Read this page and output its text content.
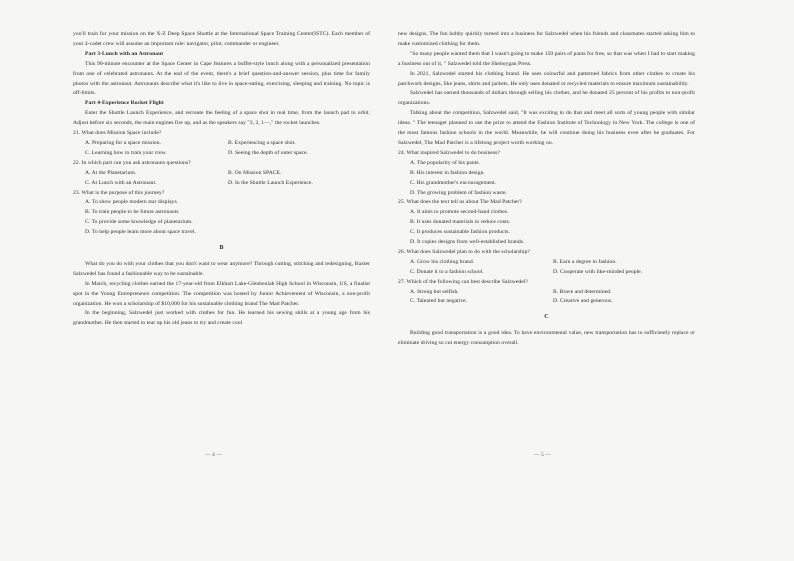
you'll train for your mission on the X-Z Deep Space Shuttle at the International Space Training Center(ISTC). Each member of your 4-cadet crew will assume an important role: navigator, pilot, commander or engineer.

Part 3-Lunch with an Astronaut

This 90-minute encounter at the Space Center in Cape features a buffet-style lunch along with a personalized presentation from one of celebrated astronauts. At the end of the event, there's a brief question-and-answer session, plus time for family photos with the astronaut. Astronauts describe what it's like to live in space-eating, exercising, sleeping and training. No topic is off-limits.

Part 4-Experience Rocket Flight

Enter the Shuttle Launch Experience, and recreate the feeling of a space shot in real time, from the launch pad to orbit. Adjust before six seconds, the main engines fire up, and as the speakers say "3, 2, 1—," the rocket launches.

21. What does Mission Space include?

A. Preparing for a space mission.	B. Experiencing a space shot.
C. Learning how to train your crew.	D. Seeing the depth of outer space.

22. In which part can you ask astronauts questions?

A. At the Planetarium.	B. On Mission SPACE.
C. At Lunch with an Astronaut.	D. In the Shuttle Launch Experience.

23. What is the purpose of this journey?

A. To show people modern star displays.
B. To train people to be future astronauts
C. To provide some knowledge of planetarium.
D. To help people learn more about space travel.

B

What do you do with your clothes that you don't want to wear anymore? Through cutting, stitching and redesigning, Baxter Salzwedel has found a fashionable way to be sustainable.

In March, recycling clothes earned the 17-year-old from Elkhart Lake-Glenbeulah High School in Wisconsin, US, a finalist spot in the Young Entrepreneurs competition. The competition was hosted by Junior Achievement of Wisconsin, a non-profit organization. He won a scholarship of $10,000 for his sustainable clothing brand The Mad Patcher.

In the beginning, Salzwedel just worked with clothes for fun. He learned his sewing skills at a young age from his grandmother. He then started to tear up his old jeans to try and create cool

— 4 —

new designs. The fun hobby quickly turned into a business for Salzwedel when his friends and classmates started asking him to make customized clothing for them.

"So many people wanted them that I wasn't going to make 150 pairs of pants for free, so that was when I had to start making a business out of it, " Salzwedel told the Sheboygan Press.

In 2021, Salzwedel started his clothing brand. He uses colourful and patterned fabrics from other clothes to create his patchwork designs, like jeans, shirts and jackets. He only uses donated or recycled materials to ensure maximum sustainability.

Salzwedel has earned thousands of dollars through selling his clothes, and he donated 25 percent of his profits to non-profit organizations.

Talking about the competition, Salzwedel said, "It was exciting to do that and meet all sorts of young people with similar ideas. " The teenager planned to use the prize to attend the Fashion Institute of Technology in New York. The college is one of the most famous fashion schools in the world. Meanwhile, he will continue doing his business even after he graduates. For Salzwedel, The Mad Patcher is a lifelong project worth working on.

24. What inspired Salzwedel to do business?

A. The popularity of his pants.
B. His interest in fashion design.
C. His grandmother's encouragement.
D. The growing problem of fashion waste.

25. What does the text tell us about The Mad Patcher?

A. It aims to promote second-hand clothes.
B. It uses donated materials to reduce costs.
C. It produces sustainable fashion products.
D. It copies designs from well-established brands.

26. What does Salzwedel plan to do with the scholarship?

A. Grow his clothing brand.	B. Earn a degree in fashion.
C. Donate it to a fashion school.	D. Cooperate with like-minded people.

27. Which of the following can best describe Salzwedel?

A. Strong but selfish.	B. Brave and determined.
C. Talented but negative.	D. Creative and generous.

C

Building good transportation is a good idea. To have environmental value, new transportation has to sufficiently replace or eliminate driving so cut energy consumption overall.

— 5 —
